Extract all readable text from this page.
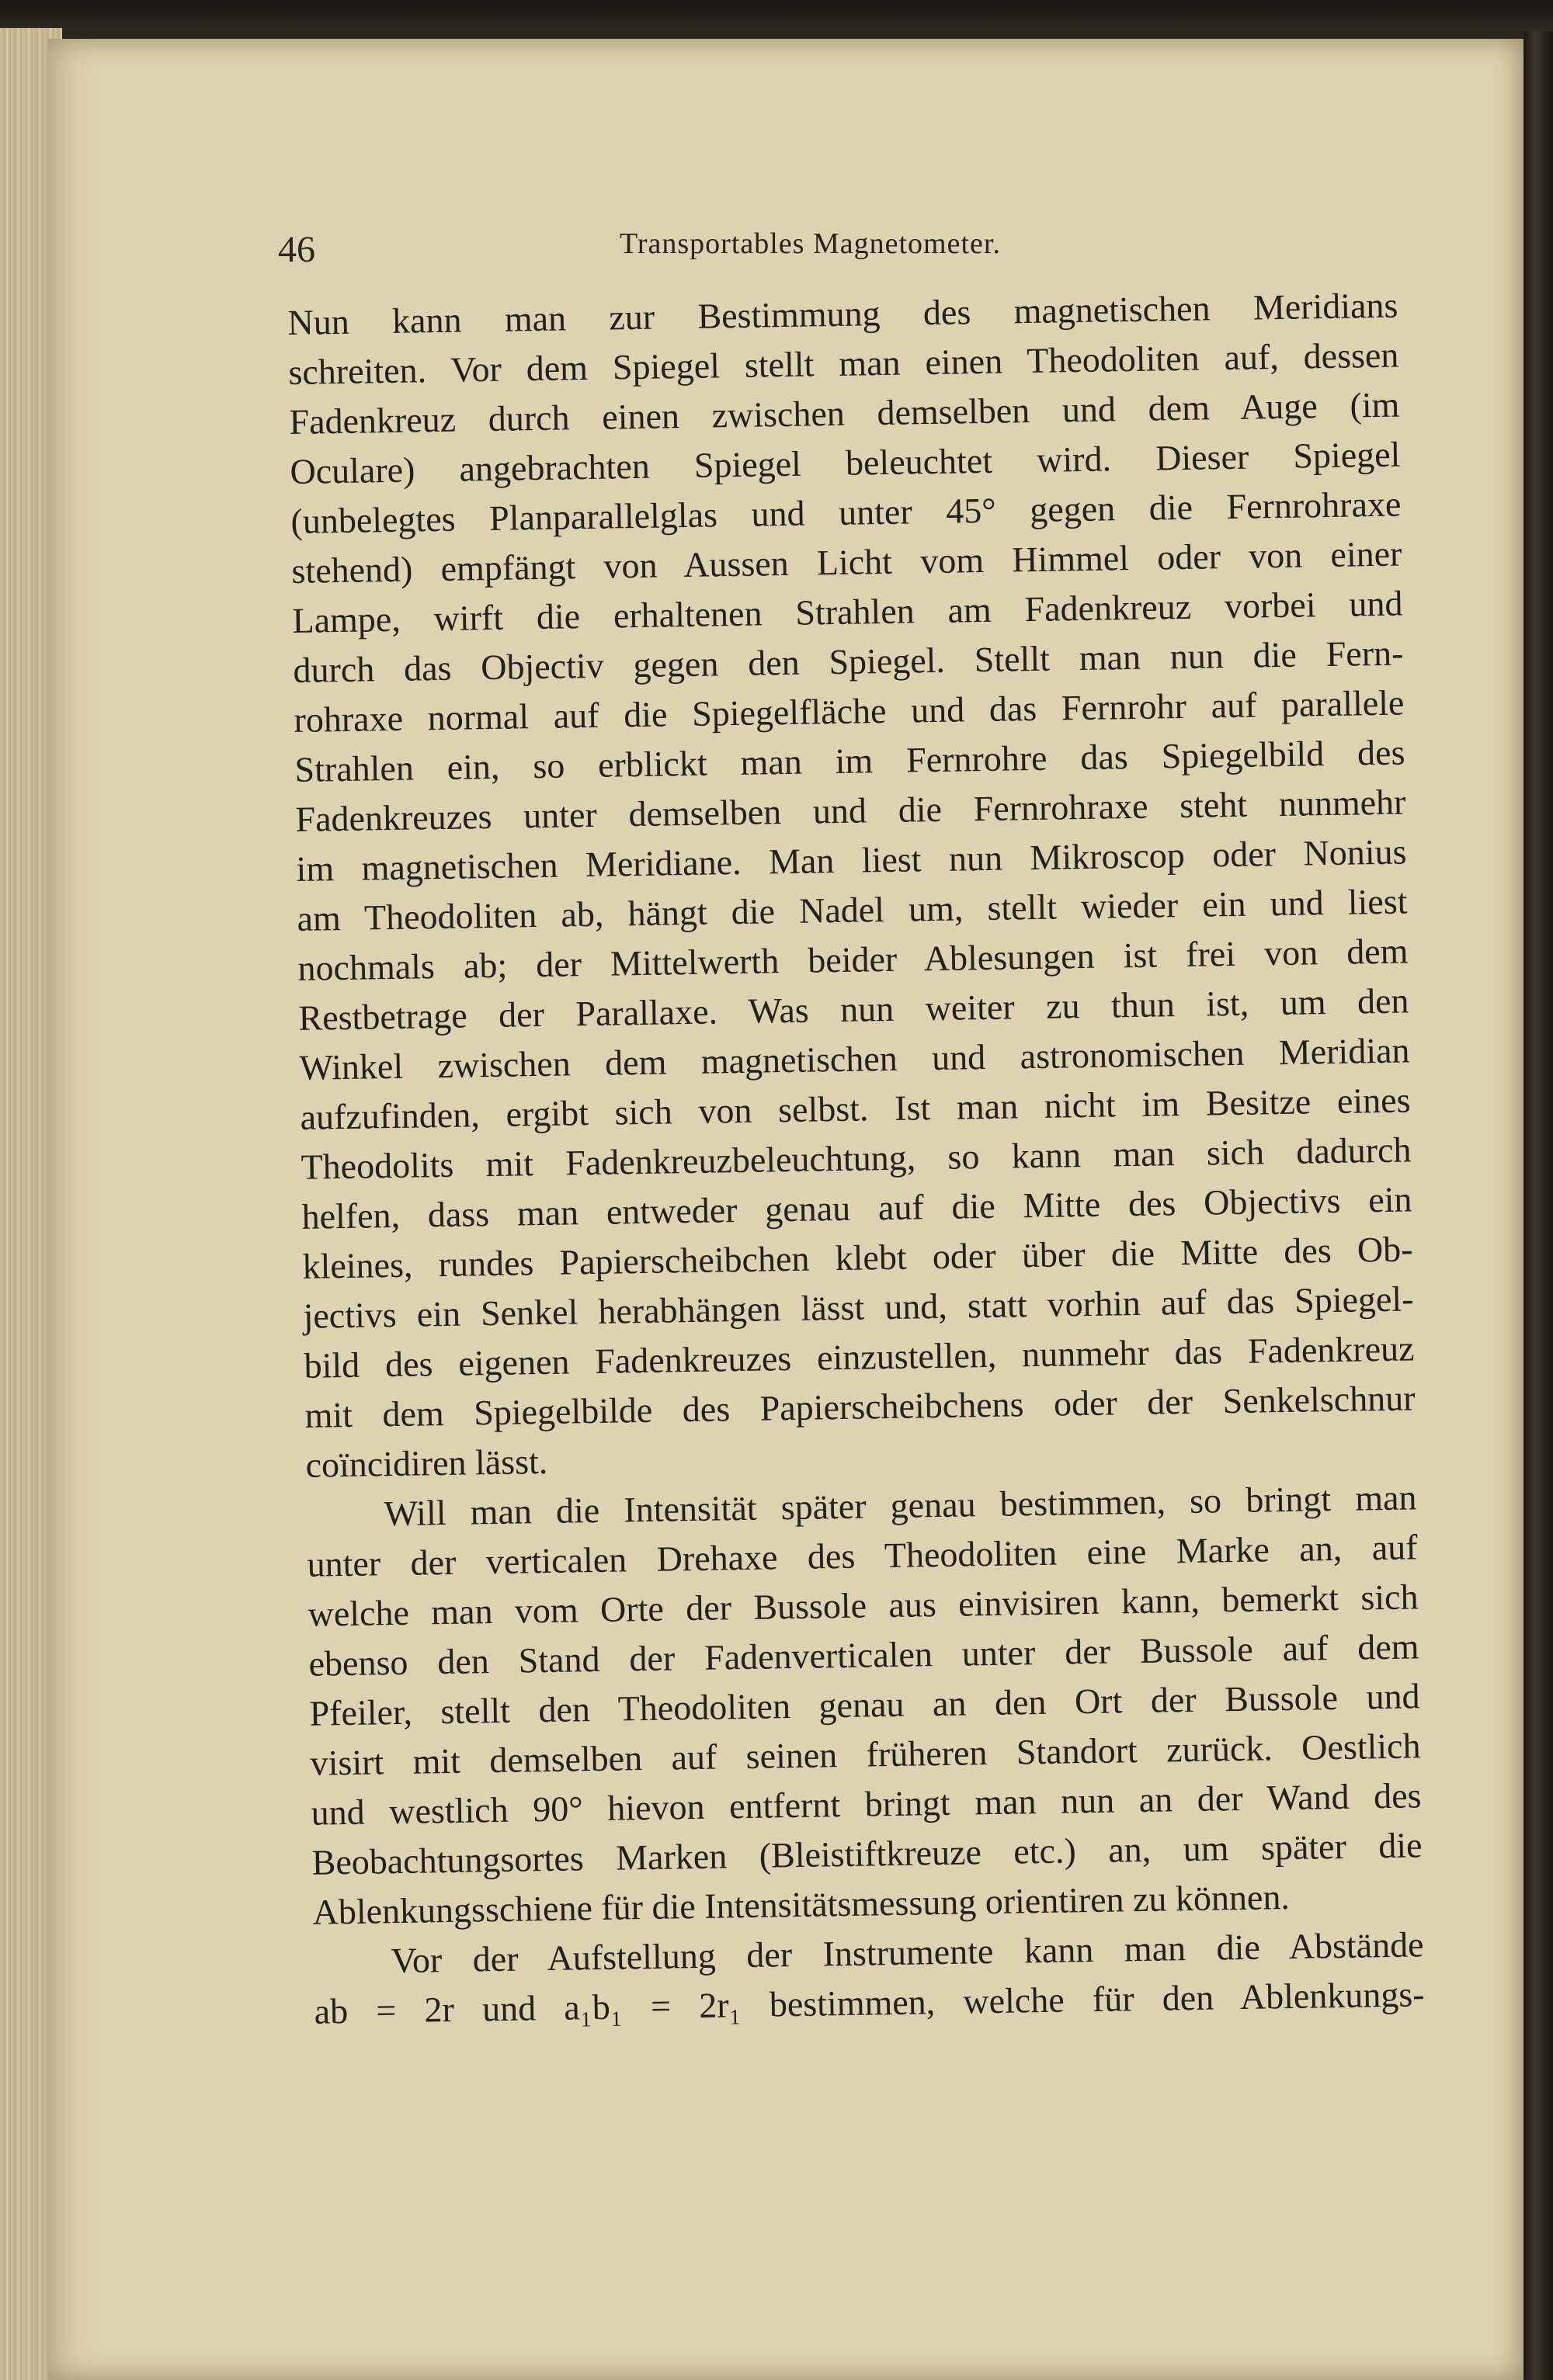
46	Transportables Magnetometer.
Nun kann man zur Bestimmung des magnetischen Meridians
schreiten. Vor dem Spiegel stellt man einen Theodoliten auf, dessen
Fadenkreuz durch einen zwischen demselben und dem Auge (im
Oculare) angebrachten Spiegel beleuchtet wird. Dieser Spiegel
(unbelegtes Planparallelglas und unter 45° gegen die Fernrohraxe
stehend) empfängt von Aussen Licht vom Himmel oder von einer
Lampe, wirft die erhaltenen Strahlen am Fadenkreuz vorbei und
durch das Objectiv gegen den Spiegel. Stellt man nun die Fern-
rohraxe normal auf die Spiegelfläche und das Fernrohr auf parallele
Strahlen ein, so erblickt man im Fernrohre das Spiegelbild des
Fadenkreuzes unter demselben und die Fernrohraxe steht nunmehr
im magnetischen Meridiane. Man liest nun Mikroscop oder Nonius
am Theodoliten ab, hängt die Nadel um, stellt wieder ein und liest
nochmals ab; der Mittelwerth beider Ablesungen ist frei von dem
Restbetrage der Parallaxe. Was nun weiter zu thun ist, um den
Winkel zwischen dem magnetischen und astronomischen Meridian
aufzufinden, ergibt sich von selbst. Ist man nicht im Besitze eines
Theodolits mit Fadenkreuzbeleuchtung, so kann man sich dadurch
helfen, dass man entweder genau auf die Mitte des Objectivs ein
kleines, rundes Papierscheibchen klebt oder über die Mitte des Ob-
jectivs ein Senkel herabhängen lässt und, statt vorhin auf das Spiegel-
bild des eigenen Fadenkreuzes einzustellen, nunmehr das Fadenkreuz
mit dem Spiegelbilde des Papierscheibchens oder der Senkelschnur
coïncidiren lässt.
Will man die Intensität später genau bestimmen, so bringt man
unter der verticalen Drehaxe des Theodoliten eine Marke an, auf
welche man vom Orte der Bussole aus einvisiren kann, bemerkt sich
ebenso den Stand der Fadenverticalen unter der Bussole auf dem
Pfeiler, stellt den Theodoliten genau an den Ort der Bussole und
visirt mit demselben auf seinen früheren Standort zurück. Oestlich
und westlich 90° hievon entfernt bringt man nun an der Wand des
Beobachtungsortes Marken (Bleistiftkreuze etc.) an, um später die
Ablenkungsschiene für die Intensitätsmessung orientiren zu können.
Vor der Aufstellung der Instrumente kann man die Abstände
ab = 2r und a₁b₁ = 2r₁ bestimmen, welche für den Ablenkungs-
